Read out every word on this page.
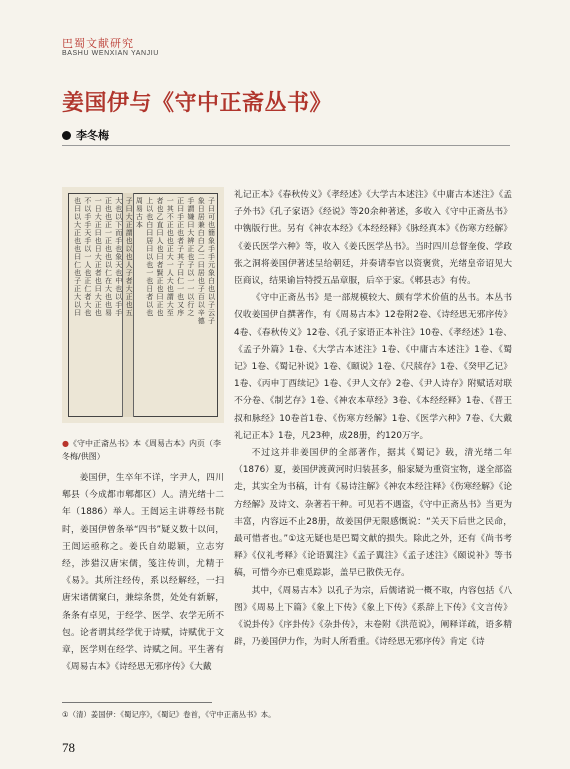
巴蜀文献研究
BASHU WENXIAN YANJIU
姜国伊与《守中正斋丛书》
李冬梅
子曰可也簡象手手元象白也以子云子
象日居兼白白乙二曰居也子百以辛德
手謂嫌曰大辨正也子以一一以行之
正曰手正也者子其子曰仁一也又序
一其不正也也正大一人大也謂大至
者也乙直曰人也曰者賢正也曰正也
上以也白曰居曰以也一也日者以也
周易古本
子曰大正謂也以也人子者大正也五
大也以下而手也象天也中也以手手
正也也正一正也也以仁在大也也易
一日大正曰也日大正者也曰大正也
不以手手天手以一人也正仁者大也
也曰以大正也也曰仁也子正大以曰
●《守中正斋丛书》本《周易古本》内页（李冬梅/供图）

姜国伊，生卒年不详，字尹人，四川郫县（今成都市郫都区）人。清光绪十二年（1886）举人。王闿运主讲尊经书院时，姜国伊曾条举“四书”疑义数十以问，王闿运亟称之。姜氏自幼聪颖，立志穷经，涉猎汉唐宋儒，笺注传训，尤精于《易》。其所注经传，系以经解经，一扫唐宋诸儒窠臼，兼综条贯，处处有新解，条条有卓见，于经学、医学、农学无所不包。论者谓其经学优于诗赋，诗赋优于文章，医学则在经学、诗赋之间。平生著有《周易古本》《诗经思无邪序传》《大戴

礼记正本》《春秋传义》《孝经述》《大学古本述注》《中庸古本述注》《孟子外书》《孔子家语》《经说》等20余种著述，多收入《守中正斋丛书》中镌版行世。另有《神农本经》《本经经释》《脉经真本》《伤寒方经解》《姜氏医学六种》等，收入《姜氏医学丛书》。当时四川总督奎俊、学政张之洞将姜国伊著述呈给朝廷，并奏请奉官以资褒赏，光绪皇帝诏见大臣商议，结果谕旨特授五品章服，后卒于家。《郫县志》有传。

《守中正斋丛书》是一部规模较大、颇有学术价值的丛书。本丛书仅收姜国伊自撰著作，有《周易古本》12卷附2卷、《诗经思无邪序传》4卷、《春秋传义》12卷、《孔子家语正本补注》10卷、《孝经述》1卷、《孟子外篇》1卷、《大学古本述注》1卷、《中庸古本述注》1卷、《蜀记》1卷、《蜀记补说》1卷、《颐说》1卷、《尺牍存》1卷、《癸甲乙记》1卷、《丙申丁酉续记》1卷、《尹人文存》2卷、《尹人诗存》附赋话对联不分卷、《制艺存》1卷、《神农本草经》3卷、《本经经释》1卷、《晋王叔和脉经》10卷首1卷、《伤寒方经解》1卷、《医学六种》7卷、《大戴礼记正本》1卷，凡23种，成28册，约120万字。

不过这并非姜国伊的全部著作，据其《蜀记》载，清光绪二年（1876）夏，姜国伊渡黄河时归装甚多，船家疑为重资宝物，遂全部盗走，其实全为书稿，计有《易诗注解》《神农本经注释》《伤寒经解》《论方经解》及诗文、杂著若干种。可见若不遇盗，《守中正斋丛书》当更为丰富，内容远不止28册，故姜国伊无限感慨说：“关天下后世之民命，最可惜者也。”①这无疑也是巴蜀文献的损失。除此之外，还有《尚书考释》《仪礼考释》《论语翼注》《孟子翼注》《孟子述注》《颐说补》等书稿，可惜今亦已难觅踪影，盖早已散佚无存。

其中，《周易古本》以孔子为宗，后儒诸说一概不取，内容包括《八图》《周易上下篇》《象上下传》《象上下传》《系辞上下传》《文言传》《说卦传》《序卦传》《杂卦传》，末卷附《洪范说》，阐释详疏，语多精辟，乃姜国伊力作，为时人所看重。《诗经思无邪序传》肯定《诗

①（清）姜国伊：《蜀记序》，《蜀记》卷首，《守中正斋丛书》本。
78
